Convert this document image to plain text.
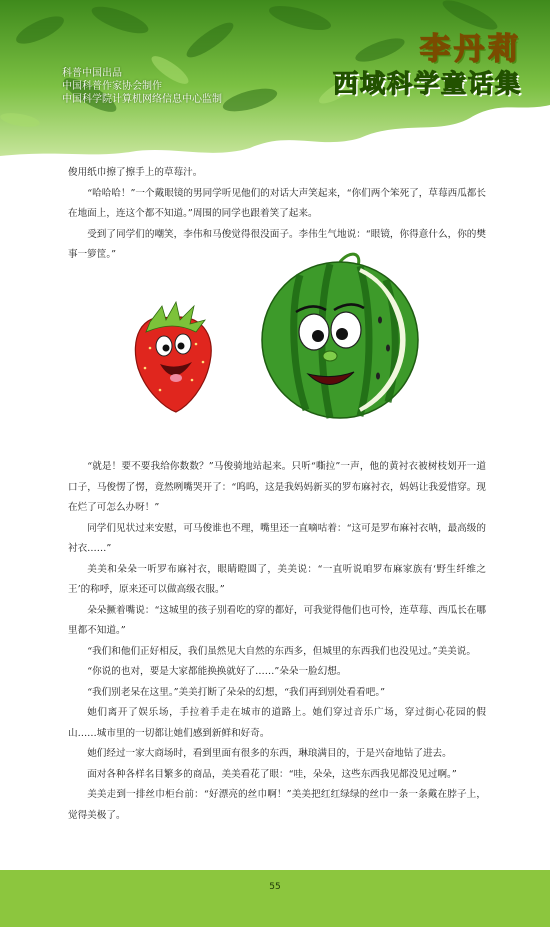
科普中国出品
中国科普作家协会制作
中国科学院计算机网络信息中心监制
李丹莉
西域科学童话集

俊用纸巾擦了擦手上的草莓汁。

“哈哈哈！”一个戴眼镜的男同学听见他们的对话大声笑起来，“你们两个笨死了，草莓西瓜都长在地面上，连这个都不知道。”周围的同学也跟着笑了起来。

受到了同学们的嘲笑，李伟和马俊觉得很没面子。李伟生气地说：“眼镜，你得意什么，你的樊事一箩筐。”

“就是！要不要我给你数数？”马俊骑地站起来。只听“嘶拉”一声，他的黄衬衣被树枝划开一道口子，马俊愣了愣，竟然咧嘴哭开了：“呜呜，这是我妈妈新买的罗布麻衬衣，妈妈让我爱惜穿。现在烂了可怎么办呀！”

同学们见状过来安慰，可马俊谁也不理，嘴里还一直嘀咕着：“这可是罗布麻衬衣呐，最高级的衬衣……”

美美和朵朵一听罗布麻衬衣，眼睛瞪圆了，美美说：“一直听说咱罗布麻家族有‘野生纤维之王’的称呼，原来还可以做高级衣服。”

朵朵撅着嘴说：“这城里的孩子别看吃的穿的都好，可我觉得他们也可怜，连草莓、西瓜长在哪里都不知道。”

“我们和他们正好相反，我们虽然见大自然的东西多，但城里的东西我们也没见过。”美美说。

“你说的也对，要是大家都能换换就好了……”朵朵一脸幻想。

“我们别老呆在这里。”美美打断了朵朵的幻想，“我们再到别处看看吧。”

她们离开了娱乐场，手拉着手走在城市的道路上。她们穿过音乐广场，穿过街心花园的假山……城市里的一切都让她们感到新鲜和好奇。

她们经过一家大商场时，看到里面有很多的东西，琳琅满目的，于是兴奋地钻了进去。

面对各种各样名目繁多的商品，美美看花了眼：“哇，朵朵，这些东西我见都没见过啊。”

美美走到一排丝巾柜台前：“好漂亮的丝巾啊！”美美把红红绿绿的丝巾一条一条戴在脖子上，觉得美极了。

55
